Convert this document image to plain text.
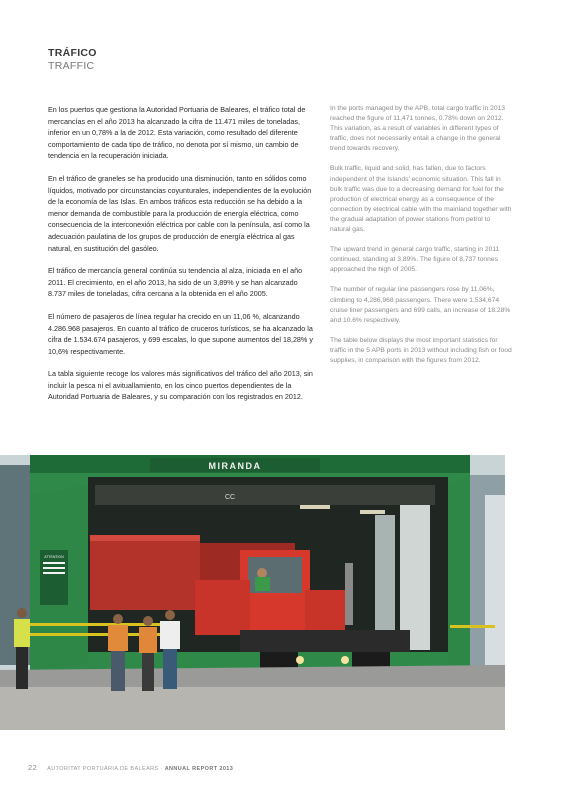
TRÁFICO
TRAFFIC

En los puertos que gestiona la Autoridad Portuaria de Baleares, el tráfico total de mercancías en el año 2013 ha alcanzado la cifra de 11.471 miles de toneladas, inferior en un 0,78% a la de 2012. Esta variación, como resultado del diferente comportamiento de cada tipo de tráfico, no denota por sí mismo, un cambio de tendencia en la recuperación iniciada.

En el tráfico de graneles se ha producido una disminución, tanto en sólidos como líquidos, motivado por circunstancias coyunturales, independientes de la evolución de la economía de las Islas. En ambos tráficos esta reducción se ha debido a la menor demanda de combustible para la producción de energía eléctrica, como consecuencia de la interconexión eléctrica por cable con la península, así como la adecuación paulatina de los grupos de producción de energía eléctrica al gas natural, en sustitución del gasóleo.

El tráfico de mercancía general continúa su tendencia al alza, iniciada en el año 2011. El crecimiento, en el año 2013, ha sido de un 3,89% y se han alcanzado 8.737 miles de toneladas, cifra cercana a la obtenida en el año 2005.

El número de pasajeros de línea regular ha crecido en un 11,06 %, alcanzando 4.286.968 pasajeros. En cuanto al tráfico de cruceros turísticos, se ha alcanzado la cifra de 1.534.674 pasajeros, y 699 escalas, lo que supone aumentos del 18,28% y 10,6% respectivamente.

La tabla siguiente recoge los valores más significativos del tráfico del año 2013, sin incluir la pesca ni el avituallamiento, en los cinco puertos dependientes de la Autoridad Portuaria de Baleares, y su comparación con los registrados en 2012.

In the ports managed by the APB, total cargo traffic in 2013 reached the figure of 11,471 tonnes, 0.78% down on 2012. This variation, as a result of variables in different types of traffic, does not necessarily entail a change in the general trend towards recovery.

Bulk traffic, liquid and solid, has fallen, due to factors independent of the Islands' economic situation. This fall in bulk traffic was due to a decreasing demand for fuel for the production of electrical energy as a consequence of the connection by electrical cable with the mainland together with the gradual adaptation of power stations from petrol to natural gas.

The upward trend in general cargo traffic, starting in 2011 continued, standing at 3.89%. The figure of 8,737 tonnes approached the high of 2005.

The number of regular line passengers rose by 11.06%, climbing to 4,286,968 passengers. There were 1,534,674 cruise liner passengers and 699 calls, an increase of 18.28% and 10.6% respectively.

The table below displays the most important statistics for traffic in the 5 APB ports in 2013 without including fish or food supplies, in comparison with the figures from 2012.

MIRANDA
CC
ATTENTION
22 AUTORITAT PORTUÀRIA DE BALEARS · ANNUAL REPORT 2013
